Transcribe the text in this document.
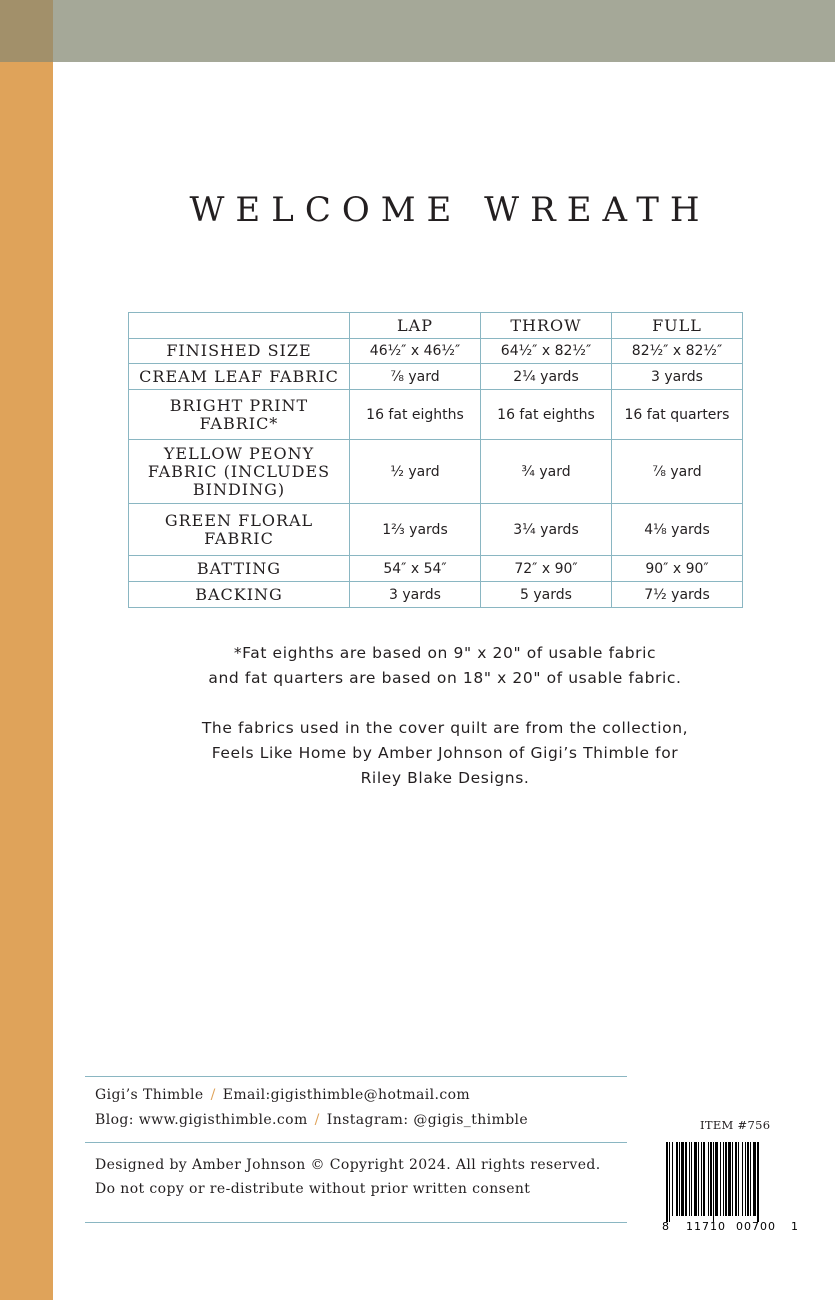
WELCOME WREATH
	LAP	THROW	FULL
FINISHED SIZE	46½″ x 46½″	64½″ x 82½″	82½″ x 82½″
CREAM LEAF FABRIC	⅞ yard	2¼ yards	3 yards
BRIGHT PRINT FABRIC*	16 fat eighths	16 fat eighths	16 fat quarters
YELLOW PEONY FABRIC (INCLUDES BINDING)	½ yard	¾ yard	⅞ yard
GREEN FLORAL FABRIC	1⅔ yards	3¼ yards	4⅛ yards
BATTING	54″ x 54″	72″ x 90″	90″ x 90″
BACKING	3 yards	5 yards	7½ yards
*Fat eighths are based on 9" x 20" of usable fabric
and fat quarters are based on 18" x 20" of usable fabric.
The fabrics used in the cover quilt are from the collection,
Feels Like Home by Amber Johnson of Gigi’s Thimble for
Riley Blake Designs.
Gigi’s Thimble / Email:gigisthimble@hotmail.com
Blog: www.gigisthimble.com / Instagram: @gigis_thimble
Designed by Amber Johnson © Copyright 2024. All rights reserved.
Do not copy or re-distribute without prior written consent
ITEM #756
8 11710 00700 1
